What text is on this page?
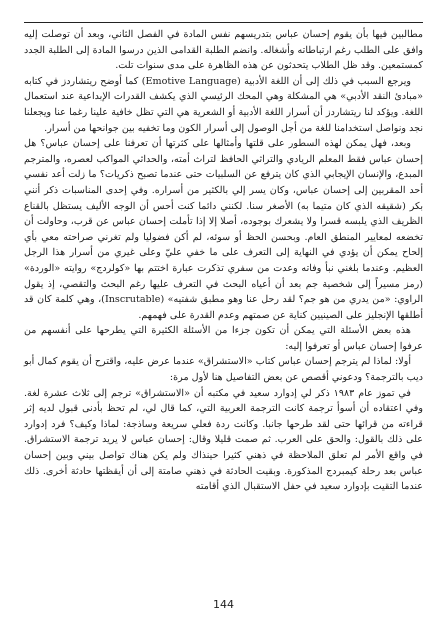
مطالبين فيها بأن يقوم إحسان عباس بتدريسهم نفس المادة في الفصل الثاني، وبعد أن توصلت إليه وافق على الطلب رغم ارتباطاته وأشغاله. وانضم الطلبة القدامى الذين درسوا المادة إلى الطلبة الجدد كمستمعين. وقد ظل الطلاب يتحدثون عن هذه الظاهرة على مدى سنوات تلت.

ويرجع السبب في ذلك إلى أن اللغة الأدبية (Emotive Language) كما أوضح ريتشاردز في كتابه «مبادئ النقد الأدبي» هي المشكلة وهي المحك الرئيسي الذي يكشف القدرات الإبداعية عند استعمال اللغة. ويؤكد لنا ريتشاردز أن أسرار اللغة الأدبية أو الشعرية هي التي تظل خافية علينا رغما عنا ويجعلنا نجد ونواصل استخدامنا للغة من أجل الوصول إلى أسرار الكون وما تخفيه بين جوانحها من أسرار.

وبعد، فهل يمكن لهذه السطور على قلتها وأمثالها على كثرتها أن تعرفنا على إحسان عباس؟ هل إحسان عباس فقط المعلم الريادي والتراثي الحافظ لتراث أمته، والحداثي المواكب لعصره، والمترجم المبدع، والإنسان الإيجابي الذي كان يترفع عن السلبيات حتى عندما تصبح ذكريات؟ ما زلت أعد نفسي أحد المقربين إلى إحسان عباس، وكان يسر إلي بالكثير من أسراره. وفي إحدى المناسبات ذكر أنني بكر (شقيقه الذي كان متيما به) الأصغر سنا. لكنني دائما كنت أحس أن الوجه الأليف يستظل بالقناع الظريف الذي يلبسه قسرا ولا يشعرك بوجوده، أصلا إلا إذا تأملت إحسان عباس عن قرب، وحاولت أن تخضعه لمعايير المنطق العام. وبحسن الحظ أو سوئه، لم أكن فضوليا ولم تغرني صراحته معي بأي إلحاح يمكن أن يؤدي في النهاية إلى التعرف على ما خفي عليّ وعلى غيري من أسرار هذا الرجل العظيم. وعندما بلغني نبأ وفاته وعدت من سفري تذكرت عبارة اختتم بها «كولردج» روايته «الوردة» (رمز مسيراً إلى شخصية جم بعد أن أعياه البحث في التعرف عليها رغم البحث والتقصي، إذ يقول الراوي: «من يدري من هو جم؟ لقد رحل عنا وهو مطبق شفتيه» (Inscrutable)، وهي كلمة كان قد أطلقها الإنجليز على الصينيين كناية عن صمتهم وعدم القدرة على فهمهم.

هذه بعض الأسئلة التي يمكن أن تكون جزءا من الأسئلة الكثيرة التي يطرحها على أنفسهم من عرفوا إحسان عباس أو تعرفوا إليه:

أولا: لماذا لم يترجم إحسان عباس كتاب «الاستشراق» عندما عرض عليه، واقترح أن يقوم كمال أبو ديب بالترجمة؟ ودعوني أقصص عن بعض التفاصيل هنا لأول مرة:

في تموز عام ١٩٨٣ ذكر لي إدوارد سعيد في مكتبه أن «الاستشراق» ترجم إلى ثلاث عشرة لغة. وفي اعتقاده أن أسوأ ترجمة كانت الترجمة العربية التي، كما قال لي، لم تحظ بأدنى قبول لديه إثر قراءته من قرائها حتى لقد طرحها جانبا. وكانت ردة فعلي سريعة وساذجة: لماذا وكيف؟ فرد إدوارد على ذلك بالقول: والحق على العرب. ثم صمت قليلا وقال: إحسان عباس لا يريد ترجمة الاستشراق. في واقع الأمر لم تعلق الملاحظة في ذهني كثيرا حينذاك ولم يكن هناك تواصل بيني وبين إحسان عباس بعد رحلة كيمبردج المذكورة. وبقيت الحادثة في ذهني صامتة إلى أن أيقظتها حادثة أخرى. ذلك عندما التقيت بإدوارد سعيد في حفل الاستقبال الذي أقامته

144
